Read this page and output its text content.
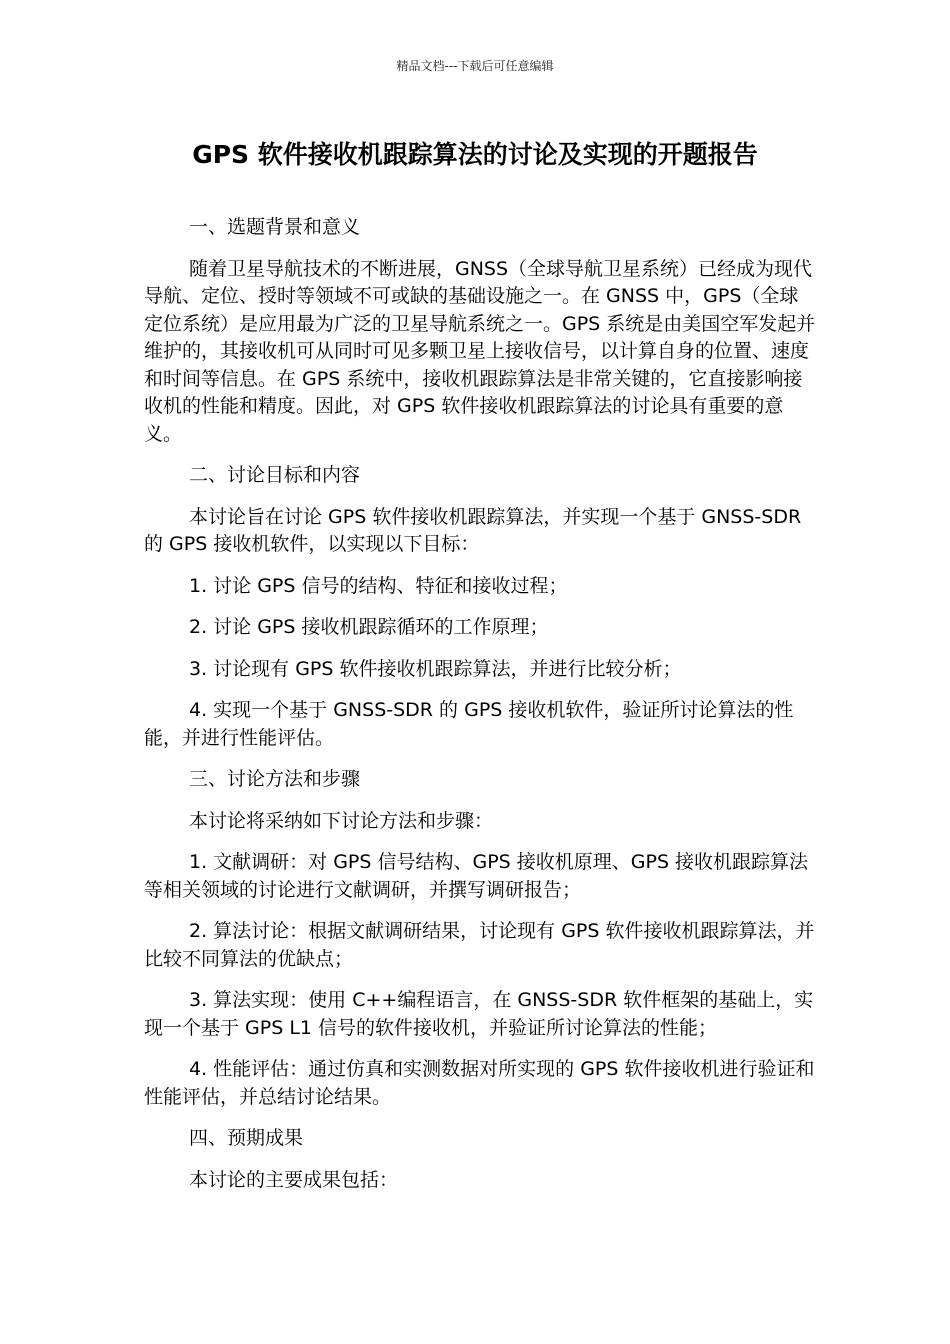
精品文档---下载后可任意编辑
GPS 软件接收机跟踪算法的讨论及实现的开题报告

一、选题背景和意义

随着卫星导航技术的不断进展，GNSS（全球导航卫星系统）已经成为现代导航、定位、授时等领域不可或缺的基础设施之一。在 GNSS 中，GPS（全球定位系统）是应用最为广泛的卫星导航系统之一。GPS 系统是由美国空军发起并维护的，其接收机可从同时可见多颗卫星上接收信号，以计算自身的位置、速度和时间等信息。在 GPS 系统中，接收机跟踪算法是非常关键的，它直接影响接收机的性能和精度。因此，对 GPS 软件接收机跟踪算法的讨论具有重要的意义。

二、讨论目标和内容

本讨论旨在讨论 GPS 软件接收机跟踪算法，并实现一个基于 GNSS-SDR 的 GPS 接收机软件，以实现以下目标：

1. 讨论 GPS 信号的结构、特征和接收过程；

2. 讨论 GPS 接收机跟踪循环的工作原理；

3. 讨论现有 GPS 软件接收机跟踪算法，并进行比较分析；

4. 实现一个基于 GNSS-SDR 的 GPS 接收机软件，验证所讨论算法的性能，并进行性能评估。

三、讨论方法和步骤

本讨论将采纳如下讨论方法和步骤：

1. 文献调研：对 GPS 信号结构、GPS 接收机原理、GPS 接收机跟踪算法等相关领域的讨论进行文献调研，并撰写调研报告；

2. 算法讨论：根据文献调研结果，讨论现有 GPS 软件接收机跟踪算法，并比较不同算法的优缺点；

3. 算法实现：使用 C++编程语言，在 GNSS-SDR 软件框架的基础上，实现一个基于 GPS L1 信号的软件接收机，并验证所讨论算法的性能；

4. 性能评估：通过仿真和实测数据对所实现的 GPS 软件接收机进行验证和性能评估，并总结讨论结果。

四、预期成果

本讨论的主要成果包括：
